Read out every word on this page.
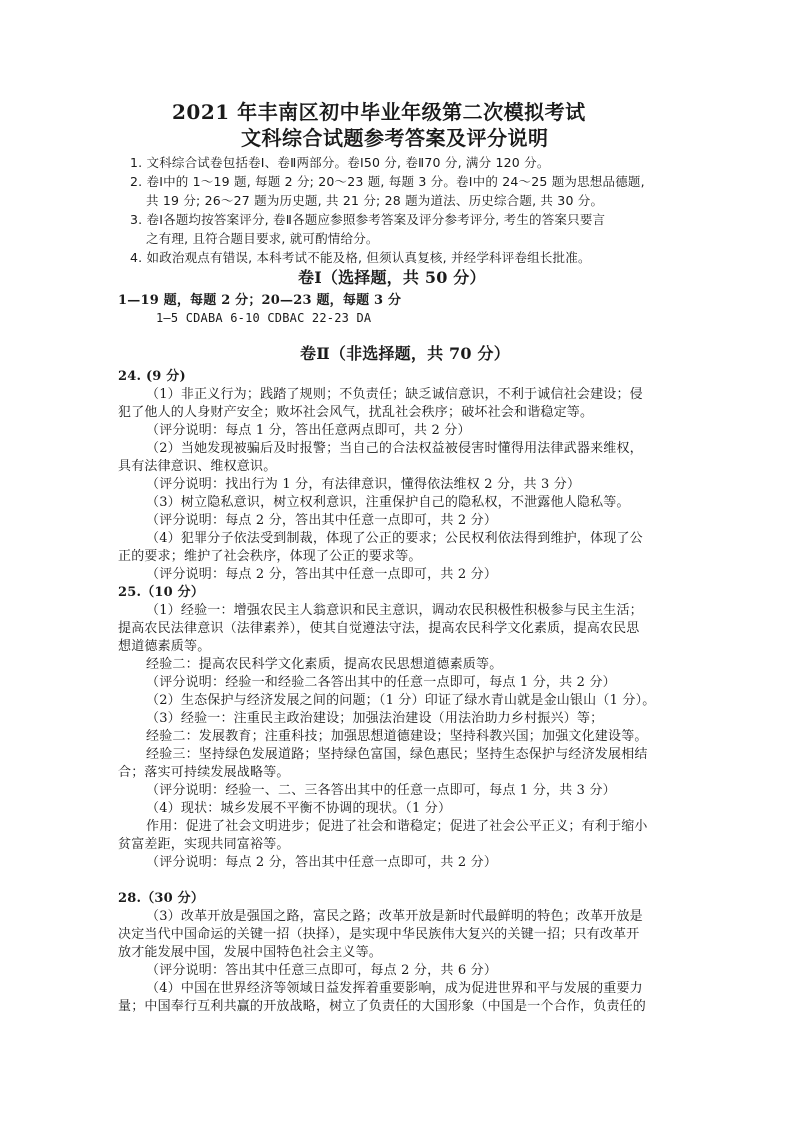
2021 年丰南区初中毕业年级第二次模拟考试
文科综合试题参考答案及评分说明
1. 文科综合试卷包括卷Ⅰ、卷Ⅱ两部分。卷Ⅰ50 分, 卷Ⅱ70 分, 满分 120 分。
2. 卷Ⅰ中的 1～19 题, 每题 2 分; 20～23 题, 每题 3 分。卷Ⅰ中的 24～25 题为思想品德题,
共 19 分; 26～27 题为历史题, 共 21 分; 28 题为道法、历史综合题, 共 30 分。
3. 卷Ⅰ各题均按答案评分, 卷Ⅱ各题应参照参考答案及评分参考评分, 考生的答案只要言
之有理, 且符合题目要求, 就可酌情给分。
4. 如政治观点有错误, 本科考试不能及格, 但须认真复核, 并经学科评卷组长批准。
卷Ⅰ（选择题，共 50 分）
1—19 题，每题 2 分；20—23 题，每题 3 分
1—5 CDABA 6-10 CDBAC 22-23 DA
卷Ⅱ（非选择题，共 70 分）
24. (9 分)
（1）非正义行为；践踏了规则；不负责任；缺乏诚信意识，不利于诚信社会建设；侵
犯了他人的人身财产安全；败坏社会风气，扰乱社会秩序；破坏社会和谐稳定等。
（评分说明：每点 1 分，答出任意两点即可，共 2 分）
（2）当她发现被骗后及时报警；当自己的合法权益被侵害时懂得用法律武器来维权，
具有法律意识、维权意识。
（评分说明：找出行为 1 分，有法律意识，懂得依法维权 2 分，共 3 分）
（3）树立隐私意识，树立权利意识，注重保护自己的隐私权，不泄露他人隐私等。
（评分说明：每点 2 分，答出其中任意一点即可，共 2 分）
（4）犯罪分子依法受到制裁，体现了公正的要求；公民权利依法得到维护，体现了公
正的要求；维护了社会秩序，体现了公正的要求等。
（评分说明：每点 2 分，答出其中任意一点即可，共 2 分）
25.（10 分）
（1）经验一：增强农民主人翁意识和民主意识，调动农民积极性积极参与民主生活；
提高农民法律意识（法律素养），使其自觉遵法守法，提高农民科学文化素质，提高农民思
想道德素质等。
经验二：提高农民科学文化素质，提高农民思想道德素质等。
（评分说明：经验一和经验二各答出其中的任意一点即可，每点 1 分，共 2 分）
（2）生态保护与经济发展之间的问题；（1 分）印证了绿水青山就是金山银山（1 分）。
（3）经验一：注重民主政治建设；加强法治建设（用法治助力乡村振兴）等；
经验二：发展教育；注重科技；加强思想道德建设；坚持科教兴国；加强文化建设等。
经验三：坚持绿色发展道路；坚持绿色富国，绿色惠民；坚持生态保护与经济发展相结
合；落实可持续发展战略等。
（评分说明：经验一、二、三各答出其中的任意一点即可，每点 1 分，共 3 分）
（4）现状：城乡发展不平衡不协调的现状。（1 分）
作用：促进了社会文明进步；促进了社会和谐稳定；促进了社会公平正义；有利于缩小
贫富差距，实现共同富裕等。
（评分说明：每点 2 分，答出其中任意一点即可，共 2 分）
28.（30 分）
（3）改革开放是强国之路，富民之路；改革开放是新时代最鲜明的特色；改革开放是
决定当代中国命运的关键一招（抉择），是实现中华民族伟大复兴的关键一招；只有改革开
放才能发展中国，发展中国特色社会主义等。
（评分说明：答出其中任意三点即可，每点 2 分，共 6 分）
（4）中国在世界经济等领域日益发挥着重要影响，成为促进世界和平与发展的重要力
量；中国奉行互利共赢的开放战略，树立了负责任的大国形象（中国是一个合作，负责任的
